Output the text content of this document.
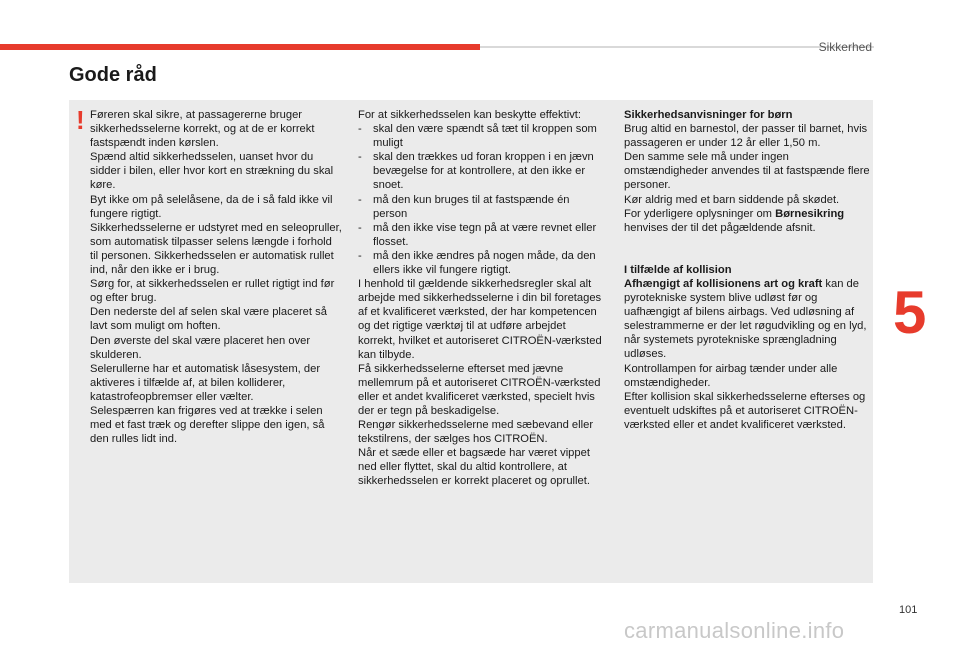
Sikkerhed
Gode råd
! Føreren skal sikre, at passagererne bruger sikkerhedsselerne korrekt, og at de er korrekt fastspændt inden kørslen.

Spænd altid sikkerhedsselen, uanset hvor du sidder i bilen, eller hvor kort en strækning du skal køre.

Byt ikke om på selelåsene, da de i så fald ikke vil fungere rigtigt.

Sikkerhedsselerne er udstyret med en seleopruller, som automatisk tilpasser selens længde i forhold til personen. Sikkerhedsselen er automatisk rullet ind, når den ikke er i brug.

Sørg for, at sikkerhedsselen er rullet rigtigt ind før og efter brug.

Den nederste del af selen skal være placeret så lavt som muligt om hoften.

Den øverste del skal være placeret hen over skulderen.

Selerullerne har et automatisk låsesystem, der aktiveres i tilfælde af, at bilen kolliderer, katastrofeopbremser eller vælter.

Selespærren kan frigøres ved at trække i selen med et fast træk og derefter slippe den igen, så den rulles lidt ind.

For at sikkerhedsselen kan beskytte effektivt:

- skal den være spændt så tæt til kroppen som muligt
- skal den trækkes ud foran kroppen i en jævn bevægelse for at kontrollere, at den ikke er snoet.
- må den kun bruges til at fastspænde én person
- må den ikke vise tegn på at være revnet eller flosset.
- må den ikke ændres på nogen måde, da den ellers ikke vil fungere rigtigt.

I henhold til gældende sikkerhedsregler skal alt arbejde med sikkerhedsselerne i din bil foretages af et kvalificeret værksted, der har kompetencen og det rigtige værktøj til at udføre arbejdet korrekt, hvilket et autoriseret CITROËN-værksted kan tilbyde.

Få sikkerhedsselerne efterset med jævne mellemrum på et autoriseret CITROËN-værksted eller et andet kvalificeret værksted, specielt hvis der er tegn på beskadigelse.

Rengør sikkerhedsselerne med sæbevand eller tekstilrens, der sælges hos CITROËN.

Når et sæde eller et bagsæde har været vippet ned eller flyttet, skal du altid kontrollere, at sikkerhedsselen er korrekt placeret og oprullet.

Sikkerhedsanvisninger for børn

Brug altid en barnestol, der passer til barnet, hvis passageren er under 12 år eller 1,50 m.

Den samme sele må under ingen omstændigheder anvendes til at fastspænde flere personer.

Kør aldrig med et barn siddende på skødet.

For yderligere oplysninger om Børnesikring henvises der til det pågældende afsnit.

I tilfælde af kollision

Afhængigt af kollisionens art og kraft kan de pyrotekniske system blive udløst før og uafhængigt af bilens airbags. Ved udløsning af selestrammerne er der let røgudvikling og en lyd, når systemets pyrotekniske sprængladning udløses.

Kontrollampen for airbag tænder under alle omstændigheder.

Efter kollision skal sikkerhedsselerne efterses og eventuelt udskiftes på et autoriseret CITROËN-værksted eller et andet kvalificeret værksted.

5
101
carmanualsonline.info
